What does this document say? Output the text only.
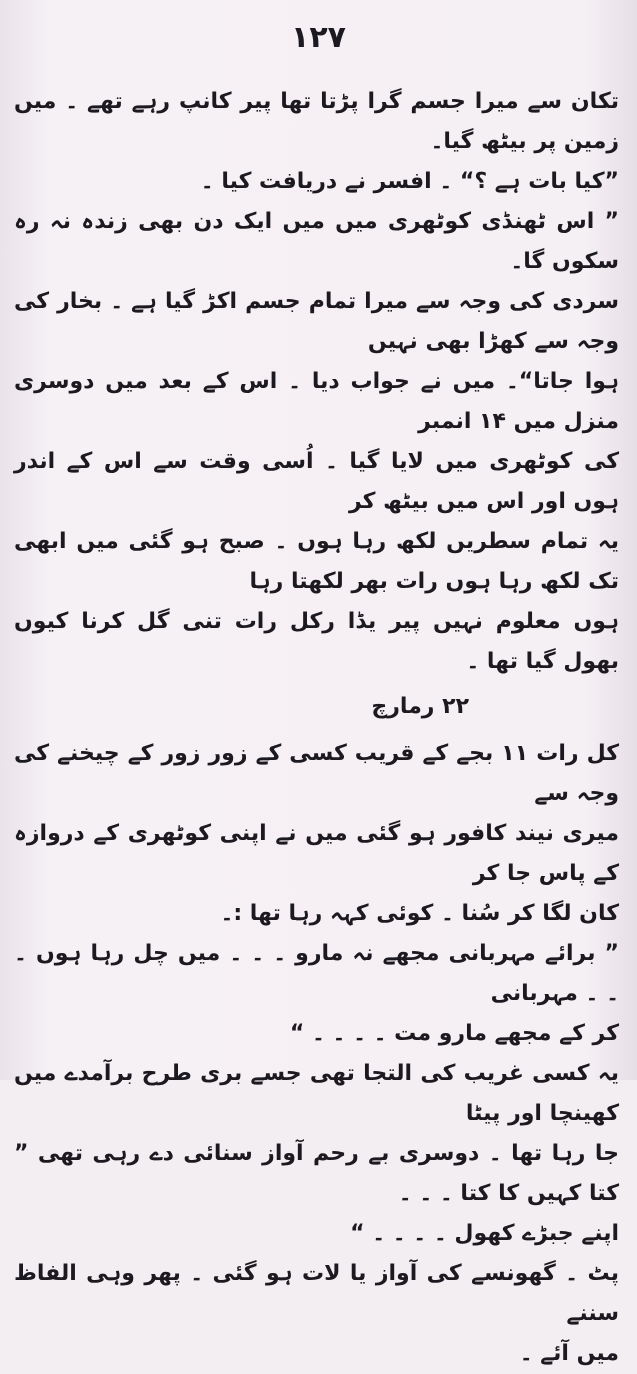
۱۲۷

تکان سے میرا جسم گرا پڑتا تھا پیر کانپ رہے تھے ۔ میں زمین پر بیٹھ گیا۔
”کیا بات ہے ؟“ ۔ افسر نے دریافت کیا ۔
” اس ٹھنڈی کوٹھری میں میں ایک دن بھی زندہ نہ رہ سکوں گا۔
سردی کی وجہ سے میرا تمام جسم اکڑ گیا ہے ۔ بخار کی وجہ سے کھڑا بھی نہیں
ہوا جاتا“۔ میں نے جواب دیا ۔ اس کے بعد میں دوسری منزل میں ۱۴ انمبر
کی کوٹھری میں لایا گیا ۔ اُسی وقت سے اس کے اندر ہوں اور اس میں بیٹھ کر
یہ تمام سطریں لکھ رہا ہوں ۔ صبح ہو گئی میں ابھی تک لکھ رہا ہوں رات بھر لکھتا رہا
ہوں معلوم نہیں پیر یڈا رکل رات تنی گل کرنا کیوں بھول گیا تھا ۔

۲۲ رمارچ

کل رات ۱۱ بجے کے قریب کسی کے زور زور کے چیخنے کی وجہ سے
میری نیند کافور ہو گئی میں نے اپنی کوٹھری کے دروازہ کے پاس جا کر
کان لگا کر سُنا ۔ کوئی کہہ رہا تھا :۔
” برائے مہربانی مجھے نہ مارو ۔ ۔ ۔ میں چل رہا ہوں ۔ ۔ ۔ مہربانی
کر کے مجھے مارو مت ۔ ۔ ۔ ۔ “
یہ کسی غریب کی التجا تھی جسے بری طرح برآمدے میں کھینچا اور پیٹا
جا رہا تھا ۔ دوسری بے رحم آواز سنائی دے رہی تھی ” کتا کہیں کا کتا ۔ ۔ ۔
اپنے جبڑے کھول ۔ ۔ ۔ ۔ “
پٹ ۔ گھونسے کی آواز یا لات ہو گئی ۔ پھر وہی الفاظ سننے
میں آئے ۔
